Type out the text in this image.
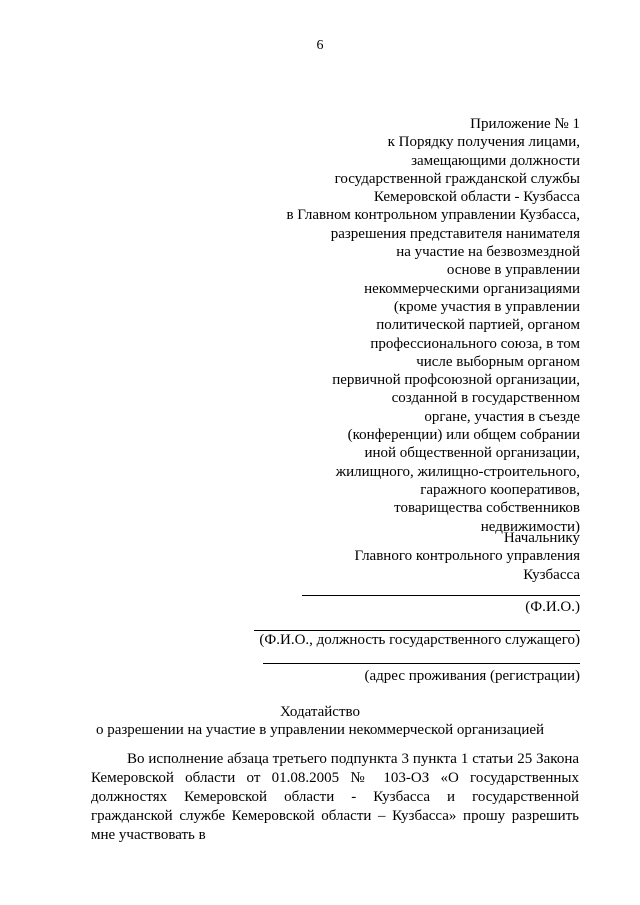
6
Приложение № 1
к Порядку получения лицами,
замещающими должности
государственной гражданской службы
Кемеровской области - Кузбасса
в Главном контрольном управлении Кузбасса,
разрешения представителя нанимателя
на участие на безвозмездной
основе в управлении
некоммерческими организациями
(кроме участия в управлении
политической партией, органом
профессионального союза, в том
числе выборным органом
первичной профсоюзной организации,
созданной в государственном
органе, участия в съезде
(конференции) или общем собрании
иной общественной организации,
жилищного, жилищно-строительного,
гаражного кооперативов,
товарищества собственников
недвижимости)
Начальнику
Главного контрольного управления
Кузбасса
(Ф.И.О.)
(Ф.И.О., должность государственного служащего)
(адрес проживания (регистрации)
Ходатайство
о разрешении на участие в управлении некоммерческой организацией
Во исполнение абзаца третьего подпункта 3 пункта 1 статьи 25 Закона Кемеровской области от 01.08.2005 № 103-ОЗ «О государственных должностях Кемеровской области - Кузбасса и государственной гражданской службе Кемеровской области – Кузбасса» прошу разрешить мне участвовать в
